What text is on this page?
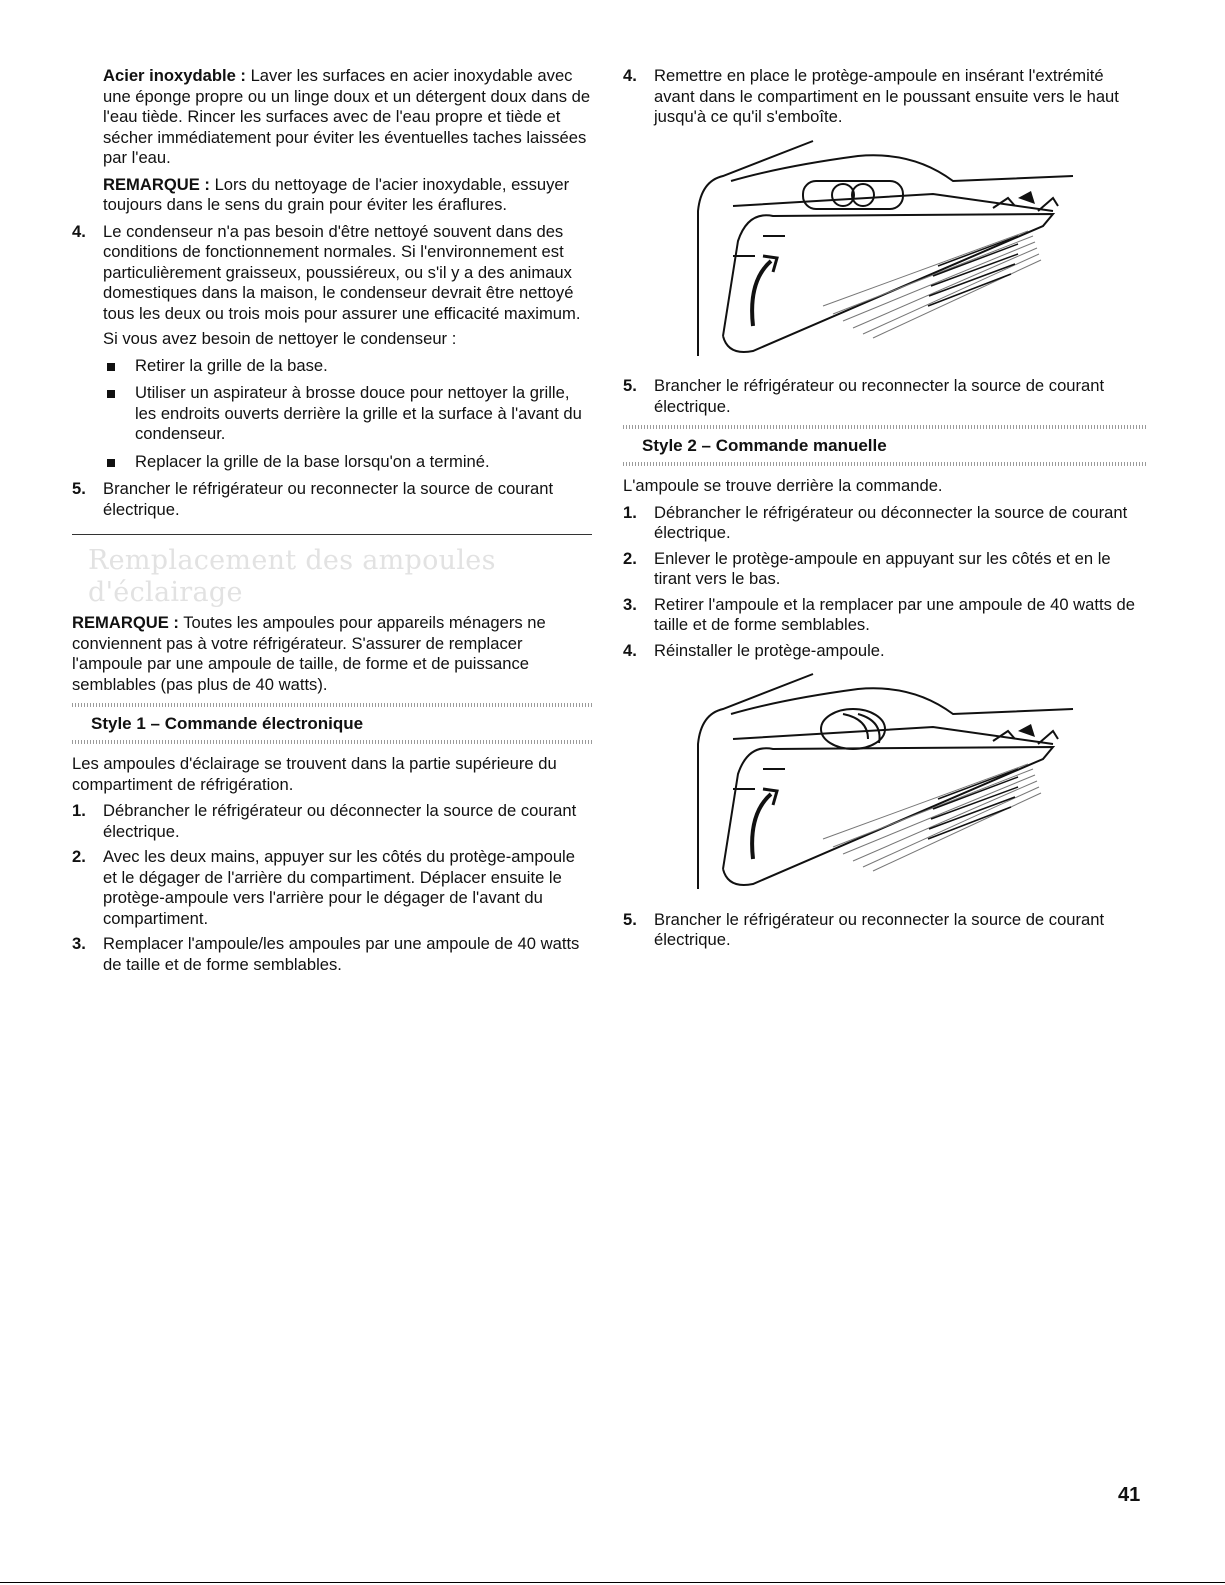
Acier inoxydable : Laver les surfaces en acier inoxydable avec une éponge propre ou un linge doux et un détergent doux dans de l'eau tiède. Rincer les surfaces avec de l'eau propre et tiède et sécher immédiatement pour éviter les éventuelles taches laissées par l'eau.

REMARQUE : Lors du nettoyage de l'acier inoxydable, essuyer toujours dans le sens du grain pour éviter les éraflures.

4.	Le condenseur n'a pas besoin d'être nettoyé souvent dans des conditions de fonctionnement normales. Si l'environnement est particulièrement graisseux, poussiéreux, ou s'il y a des animaux domestiques dans la maison, le condenseur devrait être nettoyé tous les deux ou trois mois pour assurer une efficacité maximum.

Si vous avez besoin de nettoyer le condenseur :

Retirer la grille de la base.
Utiliser un aspirateur à brosse douce pour nettoyer la grille, les endroits ouverts derrière la grille et la surface à l'avant du condenseur.
Replacer la grille de la base lorsqu'on a terminé.
5.	Brancher le réfrigérateur ou reconnecter la source de courant électrique.
Remplacement des ampoules d'éclairage

REMARQUE : Toutes les ampoules pour appareils ménagers ne conviennent pas à votre réfrigérateur. S'assurer de remplacer l'ampoule par une ampoule de taille, de forme et de puissance semblables (pas plus de 40 watts).

Style 1 – Commande électronique

Les ampoules d'éclairage se trouvent dans la partie supérieure du compartiment de réfrigération.

1.	Débrancher le réfrigérateur ou déconnecter la source de courant électrique.
2.	Avec les deux mains, appuyer sur les côtés du protège-ampoule et le dégager de l'arrière du compartiment. Déplacer ensuite le protège-ampoule vers l'arrière pour le dégager de l'avant du compartiment.
3.	Remplacer l'ampoule/les ampoules par une ampoule de 40 watts de taille et de forme semblables.
4.	Remettre en place le protège-ampoule en insérant l'extrémité avant dans le compartiment en le poussant ensuite vers le haut jusqu'à ce qu'il s'emboîte.
5.	Brancher le réfrigérateur ou reconnecter la source de courant électrique.
Style 2 – Commande manuelle

L'ampoule se trouve derrière la commande.

1.	Débrancher le réfrigérateur ou déconnecter la source de courant électrique.
2.	Enlever le protège-ampoule en appuyant sur les côtés et en le tirant vers le bas.
3.	Retirer l'ampoule et la remplacer par une ampoule de 40 watts de taille et de forme semblables.
4.	Réinstaller le protège-ampoule.
5.	Brancher le réfrigérateur ou reconnecter la source de courant électrique.
41
